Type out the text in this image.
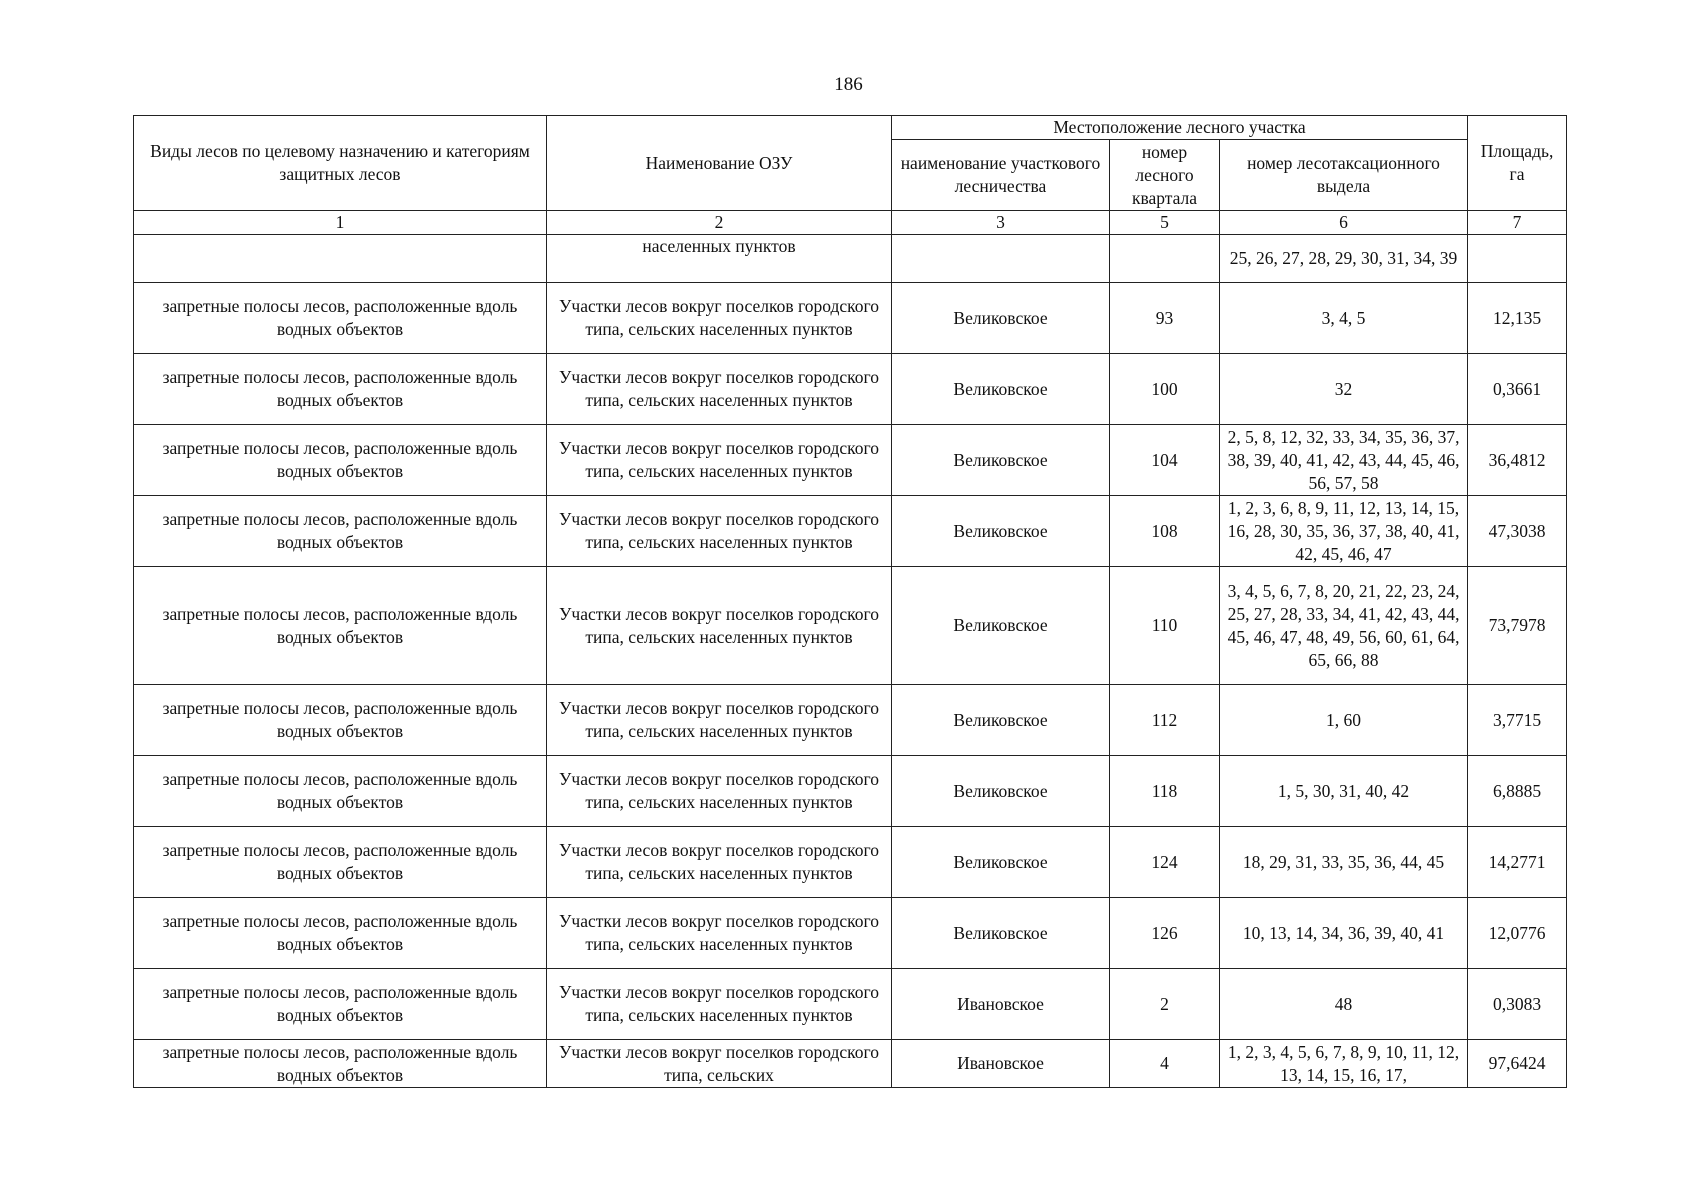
186
Виды лесов по целевому назначению и категориям защитных лесов	Наименование ОЗУ	Местоположение лесного участка			Площадь, га
		наименование участкового лесничества	номер лесного квартала	номер лесотаксационного выдела	
1	2	3	5	6	7
	населенных пунктов			25, 26, 27, 28, 29, 30, 31, 34, 39	
запретные полосы лесов, расположенные вдоль водных объектов	Участки лесов вокруг поселков городского типа, сельских населенных пунктов	Великовское	93	3, 4, 5	12,135
запретные полосы лесов, расположенные вдоль водных объектов	Участки лесов вокруг поселков городского типа, сельских населенных пунктов	Великовское	100	32	0,3661
запретные полосы лесов, расположенные вдоль водных объектов	Участки лесов вокруг поселков городского типа, сельских населенных пунктов	Великовское	104	2, 5, 8, 12, 32, 33, 34, 35, 36, 37, 38, 39, 40, 41, 42, 43, 44, 45, 46, 56, 57, 58	36,4812
запретные полосы лесов, расположенные вдоль водных объектов	Участки лесов вокруг поселков городского типа, сельских населенных пунктов	Великовское	108	1, 2, 3, 6, 8, 9, 11, 12, 13, 14, 15, 16, 28, 30, 35, 36, 37, 38, 40, 41, 42, 45, 46, 47	47,3038
запретные полосы лесов, расположенные вдоль водных объектов	Участки лесов вокруг поселков городского типа, сельских населенных пунктов	Великовское	110	3, 4, 5, 6, 7, 8, 20, 21, 22, 23, 24, 25, 27, 28, 33, 34, 41, 42, 43, 44, 45, 46, 47, 48, 49, 56, 60, 61, 64, 65, 66, 88	73,7978
запретные полосы лесов, расположенные вдоль водных объектов	Участки лесов вокруг поселков городского типа, сельских населенных пунктов	Великовское	112	1, 60	3,7715
запретные полосы лесов, расположенные вдоль водных объектов	Участки лесов вокруг поселков городского типа, сельских населенных пунктов	Великовское	118	1, 5, 30, 31, 40, 42	6,8885
запретные полосы лесов, расположенные вдоль водных объектов	Участки лесов вокруг поселков городского типа, сельских населенных пунктов	Великовское	124	18, 29, 31, 33, 35, 36, 44, 45	14,2771
запретные полосы лесов, расположенные вдоль водных объектов	Участки лесов вокруг поселков городского типа, сельских населенных пунктов	Великовское	126	10, 13, 14, 34, 36, 39, 40, 41	12,0776
запретные полосы лесов, расположенные вдоль водных объектов	Участки лесов вокруг поселков городского типа, сельских населенных пунктов	Ивановское	2	48	0,3083
запретные полосы лесов, расположенные вдоль водных объектов	Участки лесов вокруг поселков городского типа, сельских	Ивановское	4	1, 2, 3, 4, 5, 6, 7, 8, 9, 10, 11, 12, 13, 14, 15, 16, 17,	97,6424
